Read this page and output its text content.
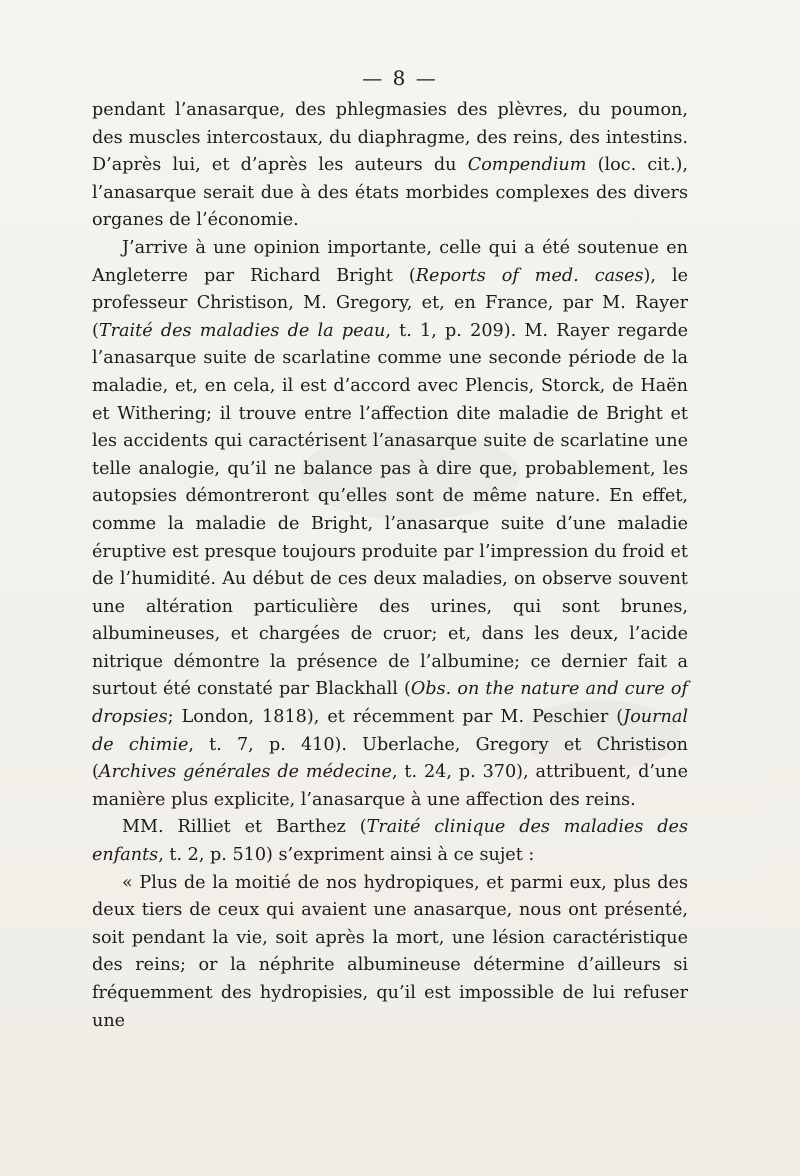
— 8 —

pendant l’anasarque, des phlegmasies des plèvres, du poumon, des muscles intercostaux, du diaphragme, des reins, des intestins. D’après lui, et d’après les auteurs du Compendium (loc. cit.), l’anasarque serait due à des états morbides complexes des divers organes de l’économie.

J’arrive à une opinion importante, celle qui a été soutenue en Angleterre par Richard Bright (Reports of med. cases), le professeur Christison, M. Gregory, et, en France, par M. Rayer (Traité des maladies de la peau, t. 1, p. 209). M. Rayer regarde l’anasarque suite de scarlatine comme une seconde période de la maladie, et, en cela, il est d’accord avec Plencis, Storck, de Haën et Withering; il trouve entre l’affection dite maladie de Bright et les accidents qui caractérisent l’anasarque suite de scarlatine une telle analogie, qu’il ne balance pas à dire que, probablement, les autopsies démontreront qu’elles sont de même nature. En effet, comme la maladie de Bright, l’anasarque suite d’une maladie éruptive est presque toujours produite par l’impression du froid et de l’humidité. Au début de ces deux maladies, on observe souvent une altération particulière des urines, qui sont brunes, albumineuses, et chargées de cruor; et, dans les deux, l’acide nitrique démontre la présence de l’albumine; ce dernier fait a surtout été constaté par Blackhall (Obs. on the nature and cure of dropsies; London, 1818), et récemment par M. Peschier (Journal de chimie, t. 7, p. 410). Uberlache, Gregory et Christison (Archives générales de médecine, t. 24, p. 370), attribuent, d’une manière plus explicite, l’anasarque à une affection des reins.

MM. Rilliet et Barthez (Traité clinique des maladies des enfants, t. 2, p. 510) s’expriment ainsi à ce sujet :

« Plus de la moitié de nos hydropiques, et parmi eux, plus des deux tiers de ceux qui avaient une anasarque, nous ont présenté, soit pendant la vie, soit après la mort, une lésion caractéristique des reins; or la néphrite albumineuse détermine d’ailleurs si fréquemment des hydropisies, qu’il est impossible de lui refuser une
